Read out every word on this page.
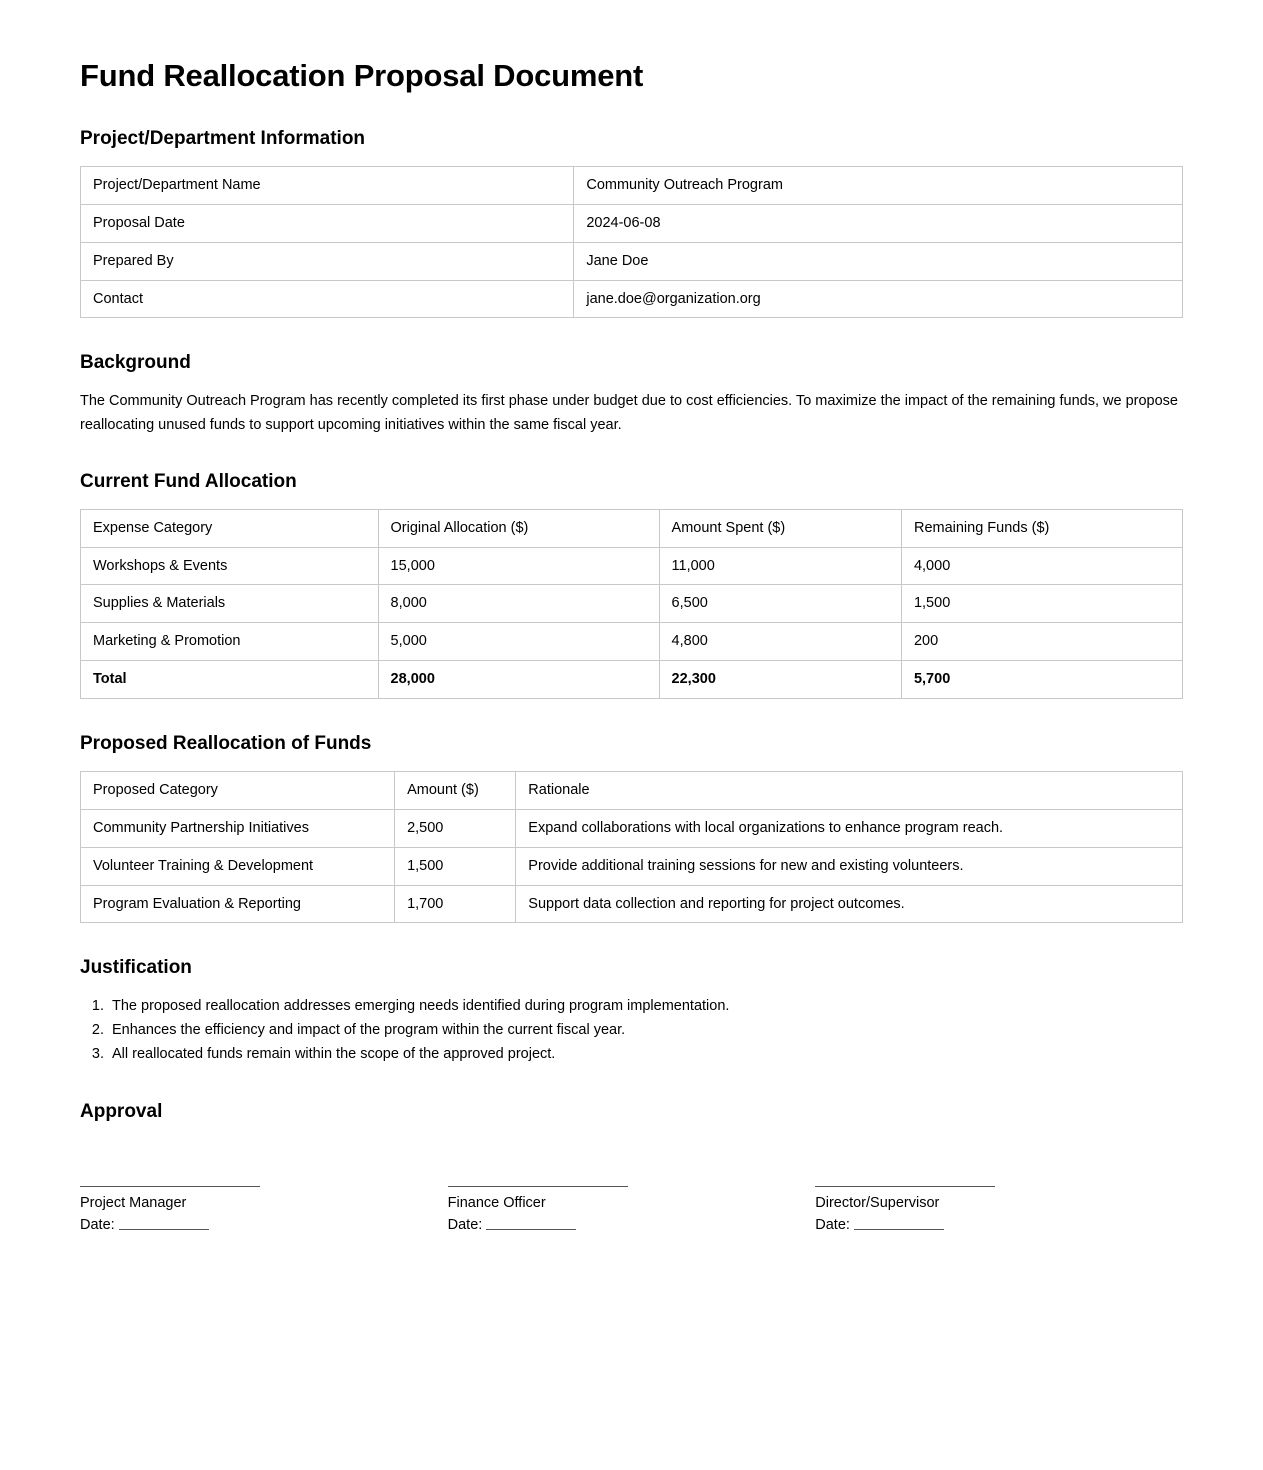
Fund Reallocation Proposal Document
Project/Department Information
Project/Department Name	Community Outreach Program
Proposal Date	2024-06-08
Prepared By	Jane Doe
Contact	jane.doe@organization.org
Background

The Community Outreach Program has recently completed its first phase under budget due to cost efficiencies. To maximize the impact of the remaining funds, we propose reallocating unused funds to support upcoming initiatives within the same fiscal year.

Current Fund Allocation
Expense Category	Original Allocation ($)	Amount Spent ($)	Remaining Funds ($)
Workshops & Events	15,000	11,000	4,000
Supplies & Materials	8,000	6,500	1,500
Marketing & Promotion	5,000	4,800	200
Total	28,000	22,300	5,700
Proposed Reallocation of Funds
Proposed Category	Amount ($)	Rationale
Community Partnership Initiatives	2,500	Expand collaborations with local organizations to enhance program reach.
Volunteer Training & Development	1,500	Provide additional training sessions for new and existing volunteers.
Program Evaluation & Reporting	1,700	Support data collection and reporting for project outcomes.
Justification
1. The proposed reallocation addresses emerging needs identified during program implementation.
2. Enhances the efficiency and impact of the program within the current fiscal year.
3. All reallocated funds remain within the scope of the approved project.
Approval
Project Manager
Date:
Finance Officer
Date:
Director/Supervisor
Date:
